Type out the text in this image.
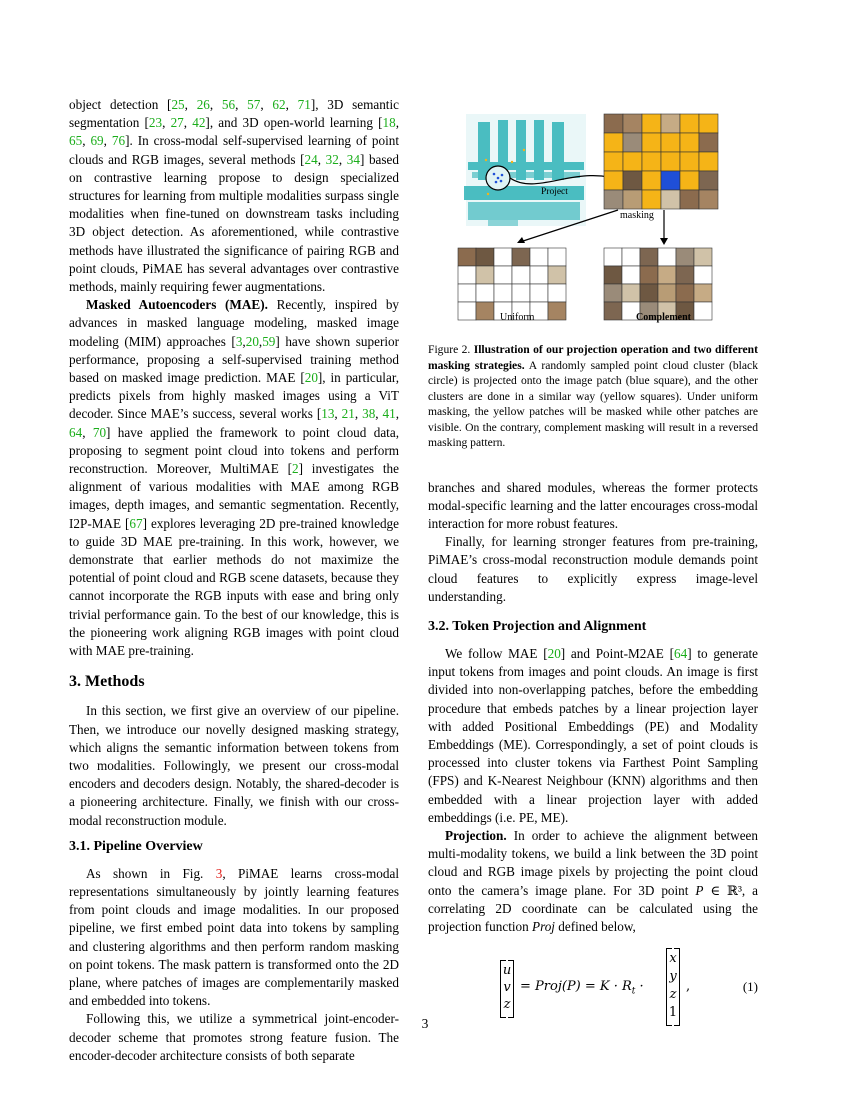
object detection [25, 26, 56, 57, 62, 71], 3D semantic segmentation [23, 27, 42], and 3D open-world learning [18, 65, 69, 76]. In cross-modal self-supervised learning of point clouds and RGB images, several methods [24, 32, 34] based on contrastive learning propose to design specialized structures for learning from multiple modalities surpass single modalities when fine-tuned on downstream tasks including 3D object detection. As aforementioned, while contrastive methods have illustrated the significance of pairing RGB and point clouds, PiMAE has several advantages over contrastive methods, mainly requiring fewer augmentations.

Masked Autoencoders (MAE). Recently, inspired by advances in masked language modeling, masked image modeling (MIM) approaches [3,20,59] have shown superior performance, proposing a self-supervised training method based on masked image prediction. MAE [20], in particular, predicts pixels from highly masked images using a ViT decoder. Since MAE’s success, several works [13, 21, 38, 41, 64, 70] have applied the framework to point cloud data, proposing to segment point cloud into tokens and perform reconstruction. Moreover, MultiMAE [2] investigates the alignment of various modalities with MAE among RGB images, depth images, and semantic segmentation. Recently, I2P-MAE [67] explores leveraging 2D pre-trained knowledge to guide 3D MAE pre-training. In this work, however, we demonstrate that earlier methods do not maximize the potential of point cloud and RGB scene datasets, because they cannot incorporate the RGB inputs with ease and bring only trivial performance gain. To the best of our knowledge, this is the pioneering work aligning RGB images with point cloud with MAE pre-training.

3. Methods

In this section, we first give an overview of our pipeline. Then, we introduce our novelly designed masking strategy, which aligns the semantic information between tokens from two modalities. Followingly, we present our cross-modal encoders and decoders design. Notably, the shared-decoder is a pioneering architecture. Finally, we finish with our cross-modal reconstruction module.

3.1. Pipeline Overview

As shown in Fig. 3, PiMAE learns cross-modal representations simultaneously by jointly learning features from point clouds and image modalities. In our proposed pipeline, we first embed point data into tokens by sampling and clustering algorithms and then perform random masking on point tokens. The mask pattern is transformed onto the 2D plane, where patches of images are complementarily masked and embedded into tokens.

Following this, we utilize a symmetrical joint-encoder-decoder scheme that promotes strong feature fusion. The encoder-decoder architecture consists of both separate

Project
masking
Uniform	Complement

Figure 2. Illustration of our projection operation and two different masking strategies. A randomly sampled point cloud cluster (black circle) is projected onto the image patch (blue square), and the other clusters are done in a similar way (yellow squares). Under uniform masking, the yellow patches will be masked while other patches are visible. On the contrary, complement masking will result in a reversed masking pattern.

branches and shared modules, whereas the former protects modal-specific learning and the latter encourages cross-modal interaction for more robust features.

Finally, for learning stronger features from pre-training, PiMAE’s cross-modal reconstruction module demands point cloud features to explicitly express image-level understanding.

3.2. Token Projection and Alignment

We follow MAE [20] and Point-M2AE [64] to generate input tokens from images and point clouds. An image is first divided into non-overlapping patches, before the embedding procedure that embeds patches by a linear projection layer with added Positional Embeddings (PE) and Modality Embeddings (ME). Correspondingly, a set of point clouds is processed into cluster tokens via Farthest Point Sampling (FPS) and K-Nearest Neighbour (KNN) algorithms and then embedded with a linear projection layer with added embeddings (i.e. PE, ME).

Projection. In order to achieve the alignment between multi-modality tokens, we build a link between the 3D point cloud and RGB image pixels by projecting the point cloud onto the camera’s image plane. For 3D point P ∈ ℝ³, a correlating 2D coordinate can be calculated using the projection function Proj defined below,

u
v
z
= Proj(P) = $K \cdot R_t$ ·
x
y
z
1
,	(1)
3
